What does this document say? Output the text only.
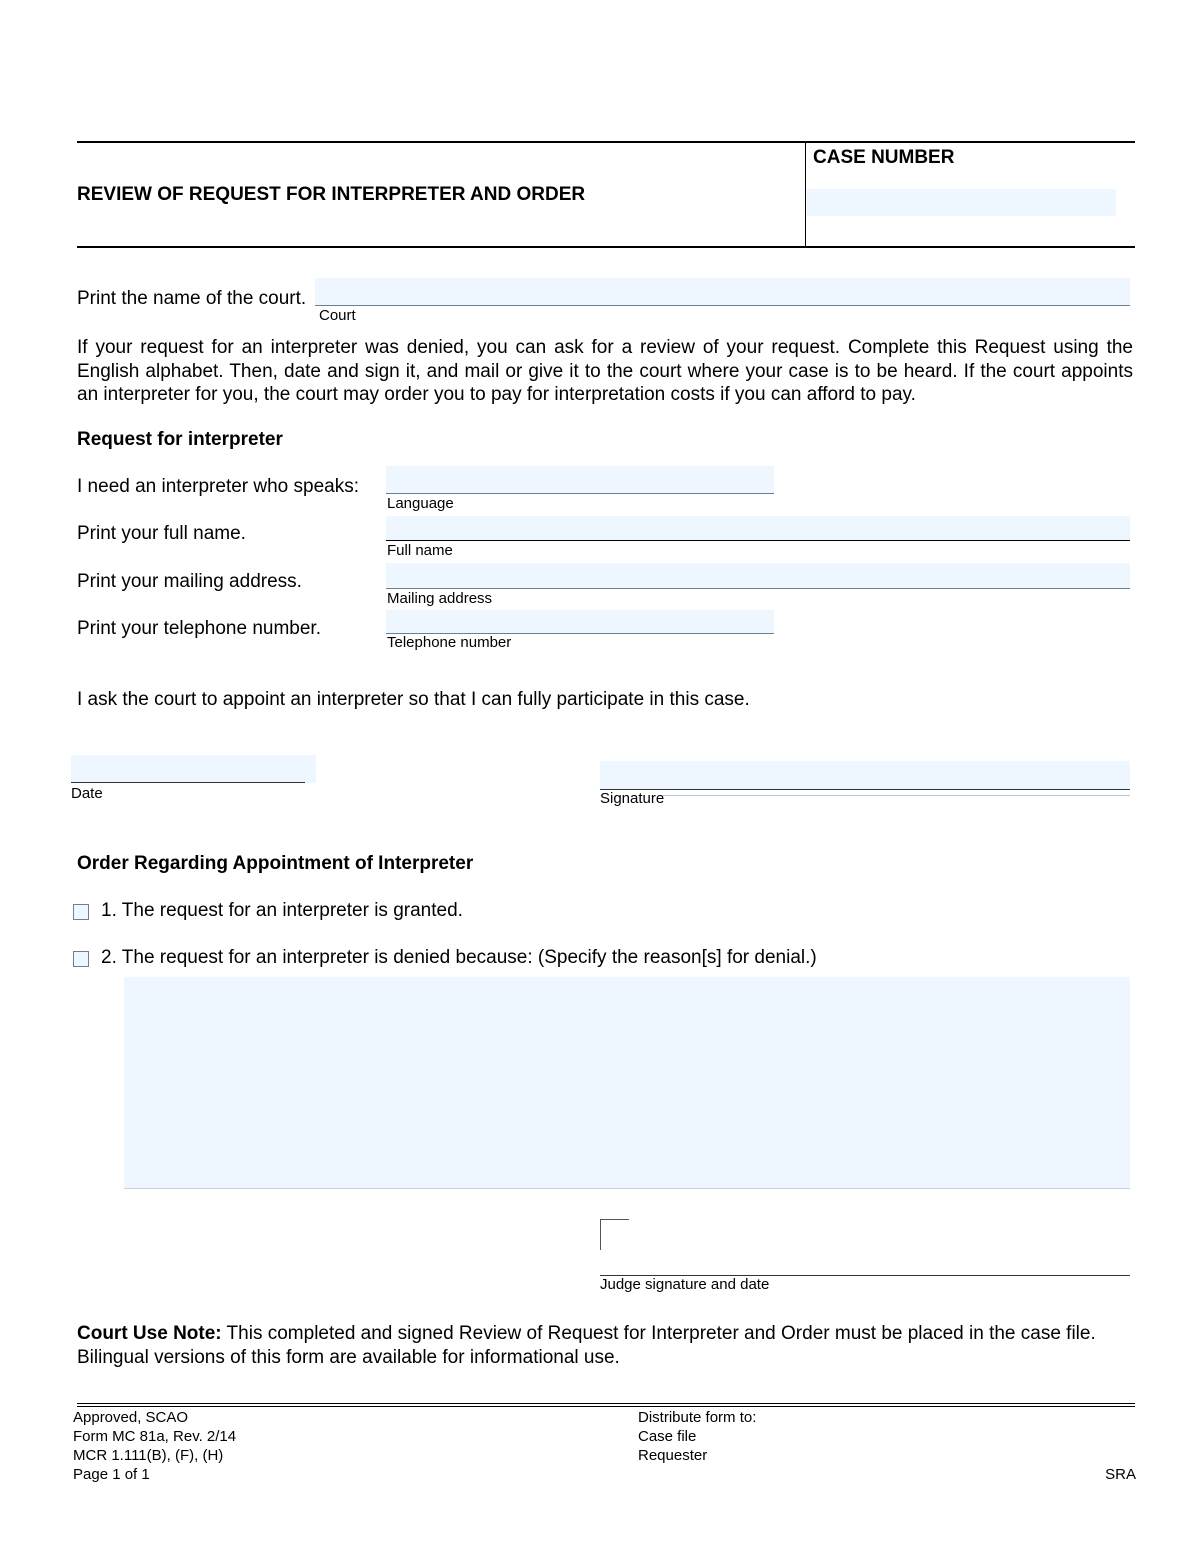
REVIEW OF REQUEST FOR INTERPRETER AND ORDER
CASE NUMBER
Print the name of the court.
Court
If your request for an interpreter was denied, you can ask for a review of your request. Complete this Request using the English alphabet. Then, date and sign it, and mail or give it to the court where your case is to be heard. If the court appoints an interpreter for you, the court may order you to pay for interpretation costs if you can afford to pay.
Request for interpreter
I need an interpreter who speaks:
Language
Print your full name.
Full name
Print your mailing address.
Mailing address
Print your telephone number.
Telephone number
I ask the court to appoint an interpreter so that I can fully participate in this case.
Date	Signature
Order Regarding Appointment of Interpreter
1. The request for an interpreter is granted.
2. The request for an interpreter is denied because: (Specify the reason[s] for denial.)
Judge signature and date
Court Use Note: This completed and signed Review of Request for Interpreter and Order must be placed in the case file. Bilingual versions of this form are available for informational use.
Approved, SCAO
Form MC 81a, Rev. 2/14
MCR 1.111(B), (F), (H)
Page 1 of 1
Distribute form to:
Case file
Requester
SRA
